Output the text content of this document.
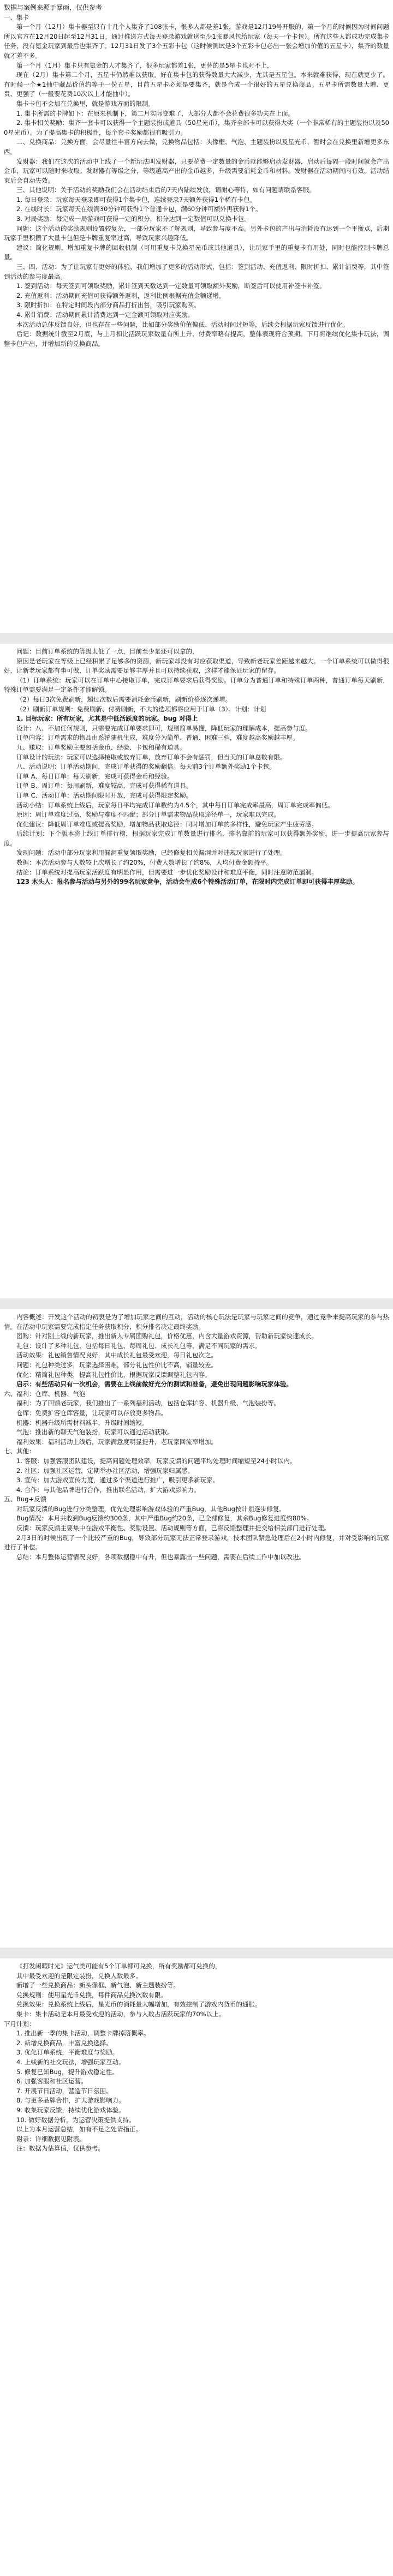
数据与案例来源于暴雨，仅供参考

一、集卡

第一个月（12月）集卡器至只有十几个人集齐了108张卡，很多人都是差1张，游戏是12月19号开服的，第一个月的时候因为时间问题所以官方在12月20日起至12月31日，通过推送方式每天登录游戏就送至少1张暴风包给玩家（每天一个卡包）。所有这些人都成功完成集卡任务，没有氪金玩家到最后也集齐了。12月31日发了3个五彩卡包（这时候测试是3个五彩卡包必出一张会增加价值的五星卡），集齐的数量就才差不多。

第一个月（1月）集卡只有氪金的人才集齐了，很多玩家都差1张，更替的是5星卡也对不上，

现在（2月）集卡第二个月，五星卡仍然难以获取。好在集卡包的获得数量大大减少，尤其是五星包。本来就难获得，现在就更少了。有时候一个★1抽中藏品价值约等于一份五星，目前五星卡必须是要集齐，就是合成一个很好的五星兑换商品。五星卡所需数量大增、更贵、更强了（一般要花费10次以上才能抽中）。

集卡卡包不会加在兑换里，就是游戏方面的限制。

1. 集卡所需的卡牌如下：在原来机制下，第二月实际变难了，大部分人都不会花费很多功夫在上面。

2. 集卡相关奖励：集齐一套卡可以获得一个主题装扮或道具（50星光币），集齐全部卡可以获得大奖（一个非常稀有的主题装扮以及500星光币）。为了提高集卡的积极性，每个套卡奖励都很有吸引力。

二、兑换商品：兑换方面，会尽量往丰富方向去做，兑换物品包括：头像框、气泡、主题装扮以及星光币，暂时会在兑换里新增更多东西。

发财器：我们在这次的活动中上线了一个新玩法叫发财器，只要花费一定数量的金币就能够启动发财器，启动后每隔一段时间就会产出金币，玩家可以随时来收取。发财器有等级之分，等级越高产出的金币越多，升级需要消耗金币和材料。发财器在活动期间内有效，活动结束后会自动失效。

三、其他说明：关于活动的奖励我们会在活动结束后的7天内陆续发放，请耐心等待，如有问题请联系客服。

1. 每日登录：玩家每天登录即可获得1个集卡包，连续登录7天额外获得1个稀有卡包。

2. 在线时长：玩家每天在线满30分钟可获得1个普通卡包，满60分钟可额外再获得1个。

3. 对局奖励：每完成一局游戏可获得一定的积分，积分达到一定数值可以兑换卡包。

问题：这个活动的奖励规则设置较复杂，一部分玩家不了解规则，导致参与度不高。另外卡包的产出与消耗没有达到一个平衡点，后期玩家手里积攒了大量卡包但是卡牌重复率过高，导致玩家兴趣降低。

建议：简化规则，增加重复卡牌的回收机制（可用重复卡兑换星光币或其他道具），让玩家手里的重复卡有用处，同时也能控制卡牌总量。

三、四、活动：为了让玩家有更好的体验，我们增加了更多的活动形式，包括：签到活动、充值返利、限时折扣、累计消费等，其中签到活动的参与度最高。

1. 签到活动：每天签到可领取奖励，累计签到天数达到一定数量可领取额外奖励，断签后可以使用补签卡补签。

2. 充值返利：活动期间充值可获得额外返利，返利比例根据充值金额递增。

3. 限时折扣：在特定时间段内部分商品打折出售，吸引玩家购买。

4. 累计消费：活动期间累计消费达到一定金额可领取对应奖励。

本次活动总体反馈良好，但也存在一些问题，比如部分奖励价值偏低、活动时间过短等，后续会根据玩家反馈进行优化。

后记：数据统计截至2月底，与上月相比活跃玩家数量有所上升，付费率略有提高，整体表现符合预期。下月将继续优化集卡玩法，调整卡包产出，并增加新的兑换商品。

问题：目前订单系统的等级太低了一点，目前至少是还可以拿的，

原因是老玩家在等级上已经积累了足够多的资源，新玩家却没有对应获取渠道，导致新老玩家差距越来越大。一个订单系统可以做得很好，让新老玩家都有事可做，订单奖励需要足够丰厚并且可以持续获取，这样才能保证玩家的留存。

（1）订单系统：玩家可以在订单中心接取订单，完成订单要求后获得奖励。订单分为普通订单和特殊订单两种，普通订单每天刷新，特殊订单需要满足一定条件才能解锁。

（2）每日3次免费刷新，超过次数后需要消耗金币刷新，刷新价格逐次递增。

（2）刷新订单规则：免费刷新、付费刷新，不大的选项都将应用于订单（3）。计划：计划

1. 目标玩家：所有玩家，尤其是中低活跃度的玩家。bug 对得上

设计：八、不加任何规则，只需要完成订单要求即可，规则简单易懂，降低玩家的理解成本，提高参与度。

订单内容：订单需求的物品由系统随机生成，难度分为简单、普通、困难三档，难度越高奖励越丰厚。

九、赚取：订单奖励主要包括金币、经验、卡包和稀有道具。

订单设计的玩法：玩家可以选择接取或放弃订单，放弃订单不会有惩罚，但当天的订单总数有限。

八、活动说明：订单活动期间，完成订单获得的奖励翻倍。每天前3个订单额外奖励1个卡包。

订单 A、每日订单：每天刷新，完成可获得金币和经验。

订单 B、周订单：每周刷新，难度较高，完成可获得稀有道具。

订单 C、活动订单：活动期间限时开放，完成可获得限定奖励。

活动小结：订单系统上线后，玩家每日平均完成订单数约为4.5个，其中每日订单完成率最高，周订单完成率偏低。

原因：周订单难度过高，奖励与难度不匹配；部分订单需求物品获取途径单一，玩家难以完成。

优化建议：降低周订单难度或提高奖励，增加物品获取途径；同时增加订单的多样性，避免玩家产生疲劳感。

后续计划：下个版本将上线订单排行榜，根据玩家完成订单数量进行排名，排名靠前的玩家可以获得额外奖励，进一步提高玩家参与度。

发现问题：活动中部分玩家利用漏洞重复领取奖励，已经修复相关漏洞并对违规玩家进行了处理。

数据：本次活动参与人数较上次增长了约20%，付费人数增长了约8%，人均付费金额持平。

结论：订单系统对提高玩家活跃度有明显作用，但需要进一步优化奖励设计和难度平衡，同时注意防范漏洞。

123 木头人：报名参与活动与另外的99名玩家竞争，活动会生成6个特殊活动订单，在限时内完成订单即可获得丰厚奖励。

内容概述：开发这个活动的初衷是为了增加玩家之间的互动，活动的核心玩法是玩家与玩家之间的竞争，通过竞争来提高玩家的参与热情。在活动中玩家需要完成指定任务获取积分，积分排名决定最终奖励。

团购：针对刚上线的新玩家，推出新人专属团购礼包，价格优惠，内含大量游戏资源，帮助新玩家快速成长。

礼包：设计了多种礼包，包括每日礼包、每周礼包、成长礼包等，满足不同玩家的需求。

活动效果：礼包销售情况良好，其中成长礼包最受欢迎，每日礼包次之。

问题：礼包种类过多，玩家选择困难，部分礼包性价比不高，销量较差。

优化：精简礼包种类，提高礼包性价比，根据玩家反馈调整礼包内容。

启示：有些活动只有一次机会，需要在上线前做好充分的测试和准备，避免出现问题影响玩家体验。

六、福利：仓库、机器、气泡

福利：为了回馈老玩家，我们推出了一系列福利活动，包括仓库扩容、机器升级、气泡装扮等。

仓库：免费扩容仓库容量，让玩家可以存放更多物品。

机器：机器升级所需材料减半，升级时间缩短。

气泡：推出新的聊天气泡装扮，玩家可以通过活动获取。

福利效果：福利活动上线后，玩家满意度明显提升，老玩家回流率增加。

七、其他：

1. 客服：加强客服团队建设，提高问题处理效率，玩家反馈的问题平均处理时间缩短至24小时以内。

2. 社区：加强社区运营，定期举办社区活动，增强玩家归属感。

3. 宣传：加大游戏宣传力度，通过多个渠道进行推广，吸引更多新玩家。

4. 合作：与其他品牌进行合作，推出联名活动，扩大游戏影响力。

五、Bug+反馈

对玩家反馈的Bug进行分类整理，优先处理影响游戏体验的严重Bug，其他Bug按计划逐步修复。

Bug情况：本月共收到Bug反馈约300条，其中严重Bug约20条，已全部修复，其余Bug修复进度约80%。

反馈：玩家反馈主要集中在游戏平衡性、奖励设置、活动规则等方面，已将反馈整理并提交给相关部门进行处理。

2月3日的时候出现了一个比较严重的Bug，导致部分玩家无法正常登录游戏，技术团队紧急处理后在2小时内修复，并对受影响的玩家进行了补偿。

总结：本月整体运营情况良好，各项数据稳中有升，但也暴露出一些问题，需要在后续工作中加以改进。

《打发闲暇时光》运气类可能有5个订单都可兑换，所有奖励都可兑换的，

其中最受欢迎的是限定装扮，兑换人数最多。

新增了一些兑换商品：新头像框、新气泡、新主题装扮等。

兑换规则：使用星光币兑换，每件商品兑换次数有限。

兑换效果：兑换系统上线后，星光币的消耗量大幅增加，有效控制了游戏内货币的通胀。

集卡：集卡活动是本月最受欢迎的活动，参与人数占活跃玩家的70%以上。

下月计划：

1. 推出新一季的集卡活动，调整卡牌掉落概率。

2. 新增兑换商品，丰富兑换选择。

3. 优化订单系统，平衡难度与奖励。

4. 上线新的社交玩法，增强玩家互动。

5. 修复已知Bug，提升游戏稳定性。

6. 加强客服和社区运营。

7. 开展节日活动，营造节日氛围。

8. 与更多品牌合作，扩大游戏影响力。

9. 收集玩家反馈，持续优化游戏体验。

10. 做好数据分析，为运营决策提供支持。

以上为本月运营总结，如有不足之处请指正。

附录：详细数据见附表。

注：数据为估算值，仅供参考。
